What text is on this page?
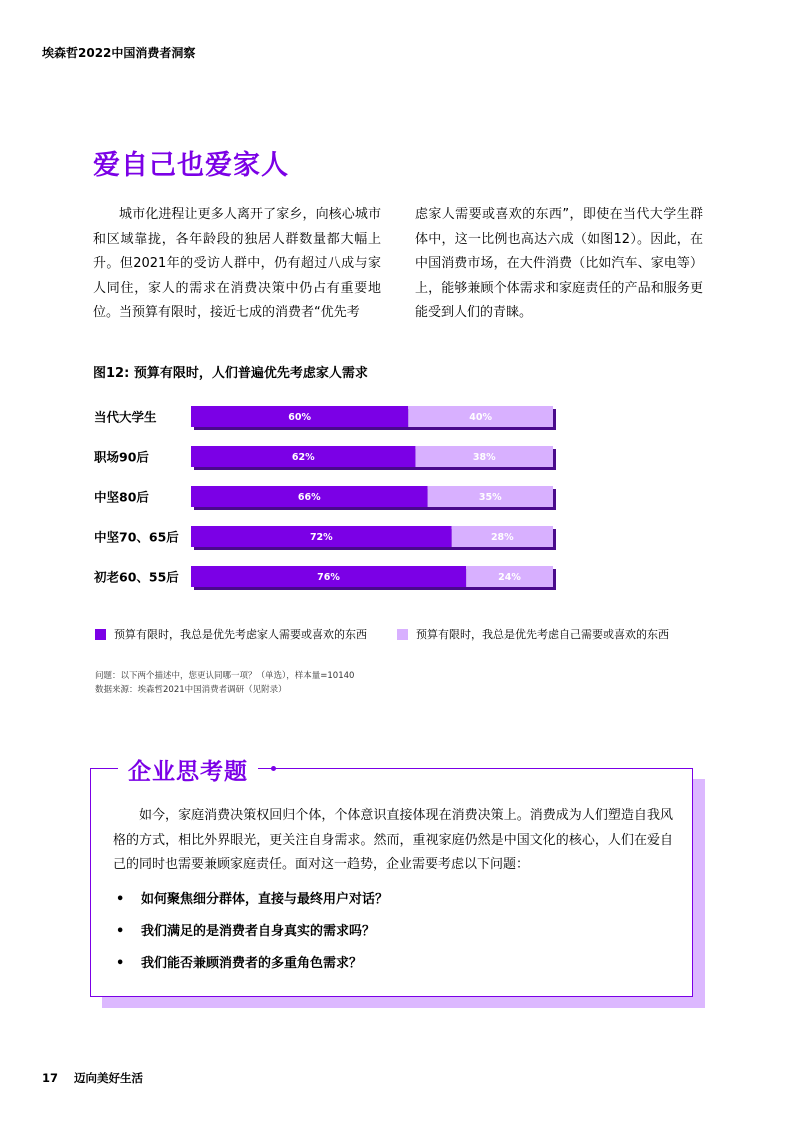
埃森哲2022中国消费者洞察
爱自己也爱家人
城市化进程让更多人离开了家乡，向核心城市和区域靠拢，各年龄段的独居人群数量都大幅上升。但2021年的受访人群中，仍有超过八成与家人同住，家人的需求在消费决策中仍占有重要地位。当预算有限时，接近七成的消费者“优先考
虑家人需要或喜欢的东西”，即使在当代大学生群体中，这一比例也高达六成（如图12）。因此，在中国消费市场，在大件消费（比如汽车、家电等）上，能够兼顾个体需求和家庭责任的产品和服务更能受到人们的青睐。
图12: 预算有限时，人们普遍优先考虑家人需求
当代大学生	60%	40%
职场90后	62%	38%
中坚80后	66%	35%
中坚70、65后	72%	28%
初老60、55后	76%	24%
预算有限时，我总是优先考虑家人需要或喜欢的东西	预算有限时，我总是优先考虑自己需要或喜欢的东西
问题：以下两个描述中，您更认同哪一项？（单选），样本量=10140
数据来源：埃森哲2021中国消费者调研（见附录）
企业思考题
如今，家庭消费决策权回归个体，个体意识直接体现在消费决策上。消费成为人们塑造自我风格的方式，相比外界眼光，更关注自身需求。然而，重视家庭仍然是中国文化的核心，人们在爱自己的同时也需要兼顾家庭责任。面对这一趋势，企业需要考虑以下问题：
• 如何聚焦细分群体，直接与最终用户对话？
• 我们满足的是消费者自身真实的需求吗？
• 我们能否兼顾消费者的多重角色需求？
17 迈向美好生活
